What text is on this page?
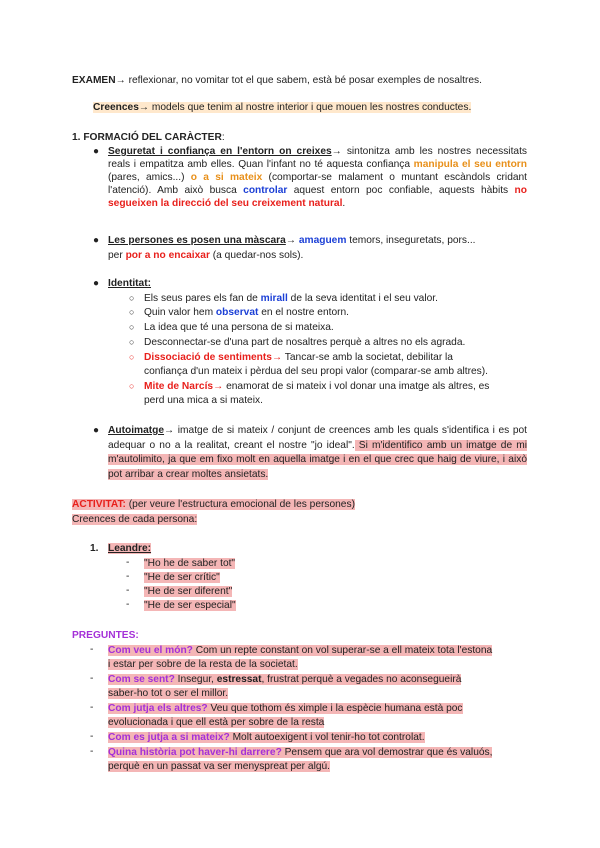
EXAMEN→ reflexionar, no vomitar tot el que sabem, està bé posar exemples de nosaltres.
Creences→ models que tenim al nostre interior i que mouen les nostres conductes.
1. FORMACIÓ DEL CARÀCTER:
● Seguretat i confiança en l'entorn on creixes→ sintonitza amb les nostres necessitats reals i empatitza amb elles. Quan l'infant no té aquesta confiança manipula el seu entorn (pares, amics...) o a si mateix (comportar-se malament o muntant escàndols cridant l'atenció). Amb això busca controlar aquest entorn poc confiable, aquests hàbits no segueixen la direcció del seu creixement natural.
● Les persones es posen una màscara→ amaguem temors, inseguretats, pors...
per por a no encaixar (a quedar-nos sols).
● Identitat:
○ Els seus pares els fan de mirall de la seva identitat i el seu valor.
○ Quin valor hem observat en el nostre entorn.
○ La idea que té una persona de si mateixa.
○ Desconnectar-se d'una part de nosaltres perquè a altres no els agrada.
○ Dissociació de sentiments→ Tancar-se amb la societat, debilitar la
confiança d'un mateix i pèrdua del seu propi valor (comparar-se amb altres).
○ Mite de Narcís→ enamorat de si mateix i vol donar una imatge als altres, es
perd una mica a si mateix.
● Autoimatge→ imatge de si mateix / conjunt de creences amb les quals s'identifica i es pot adequar o no a la realitat, creant el nostre "jo ideal". Si m'identifico amb un imatge de mi m'autolimito, ja que em fixo molt en aquella imatge i en el que crec que haig de viure, i això pot arribar a crear moltes ansietats.
ACTIVITAT: (per veure l'estructura emocional de les persones)
Creences de cada persona:
1. Leandre:
- "Ho he de saber tot"
- "He de ser crític"
- "He de ser diferent"
- "He de ser especial"
PREGUNTES:
- Com veu el món? Com un repte constant on vol superar-se a ell mateix tota l'estona
i estar per sobre de la resta de la societat.
- Com se sent? Insegur, estressat, frustrat perquè a vegades no aconsegueirà
saber-ho tot o ser el millor.
- Com jutja els altres? Veu que tothom és ximple i la espècie humana està poc
evolucionada i que ell està per sobre de la resta
- Com es jutja a si mateix? Molt autoexigent i vol tenir-ho tot controlat.
- Quina història pot haver-hi darrere? Pensem que ara vol demostrar que és valuós,
perquè en un passat va ser menyspreat per algú.
